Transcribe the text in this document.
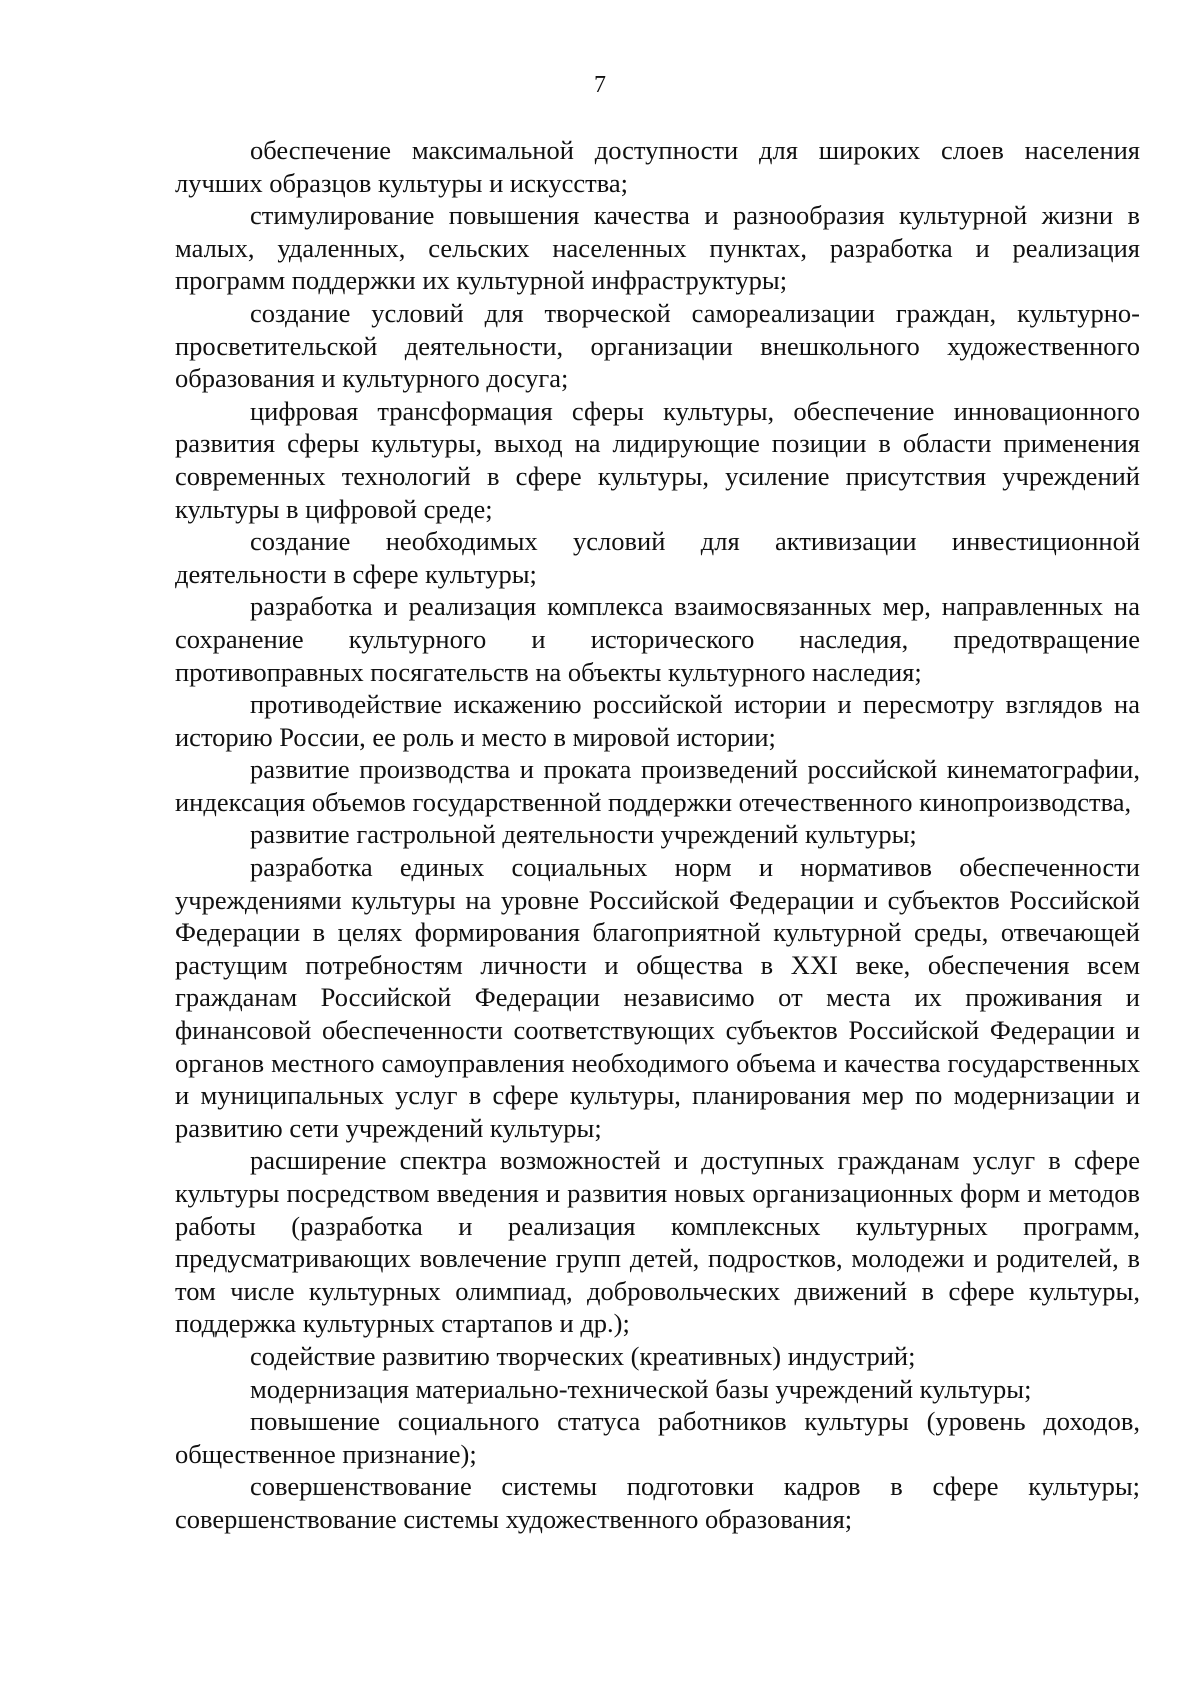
7

обеспечение максимальной доступности для широких слоев населения лучших образцов культуры и искусства;

стимулирование повышения качества и разнообразия культурной жизни в малых, удаленных, сельских населенных пунктах, разработка и реализация программ поддержки их культурной инфраструктуры;

создание условий для творческой самореализации граждан, культурно-просветительской деятельности, организации внешкольного художественного образования и культурного досуга;

цифровая трансформация сферы культуры, обеспечение инновационного развития сферы культуры, выход на лидирующие позиции в области применения современных технологий в сфере культуры, усиление присутствия учреждений культуры в цифровой среде;

создание необходимых условий для активизации инвестиционной деятельности в сфере культуры;

разработка и реализация комплекса взаимосвязанных мер, направленных на сохранение культурного и исторического наследия, предотвращение противоправных посягательств на объекты культурного наследия;

противодействие искажению российской истории и пересмотру взглядов на историю России, ее роль и место в мировой истории;

развитие производства и проката произведений российской кинематографии, индексация объемов государственной поддержки отечественного кинопроизводства,

развитие гастрольной деятельности учреждений культуры;

разработка единых социальных норм и нормативов обеспеченности учреждениями культуры на уровне Российской Федерации и субъектов Российской Федерации в целях формирования благоприятной культурной среды, отвечающей растущим потребностям личности и общества в XXI веке, обеспечения всем гражданам Российской Федерации независимо от места их проживания и финансовой обеспеченности соответствующих субъектов Российской Федерации и органов местного самоуправления необходимого объема и качества государственных и муниципальных услуг в сфере культуры, планирования мер по модернизации и развитию сети учреждений культуры;

расширение спектра возможностей и доступных гражданам услуг в сфере культуры посредством введения и развития новых организационных форм и методов работы (разработка и реализация комплексных культурных программ, предусматривающих вовлечение групп детей, подростков, молодежи и родителей, в том числе культурных олимпиад, добровольческих движений в сфере культуры, поддержка культурных стартапов и др.);

содействие развитию творческих (креативных) индустрий;

модернизация материально-технической базы учреждений культуры;

повышение социального статуса работников культуры (уровень доходов, общественное признание);

совершенствование системы подготовки кадров в сфере культуры; совершенствование системы художественного образования;
